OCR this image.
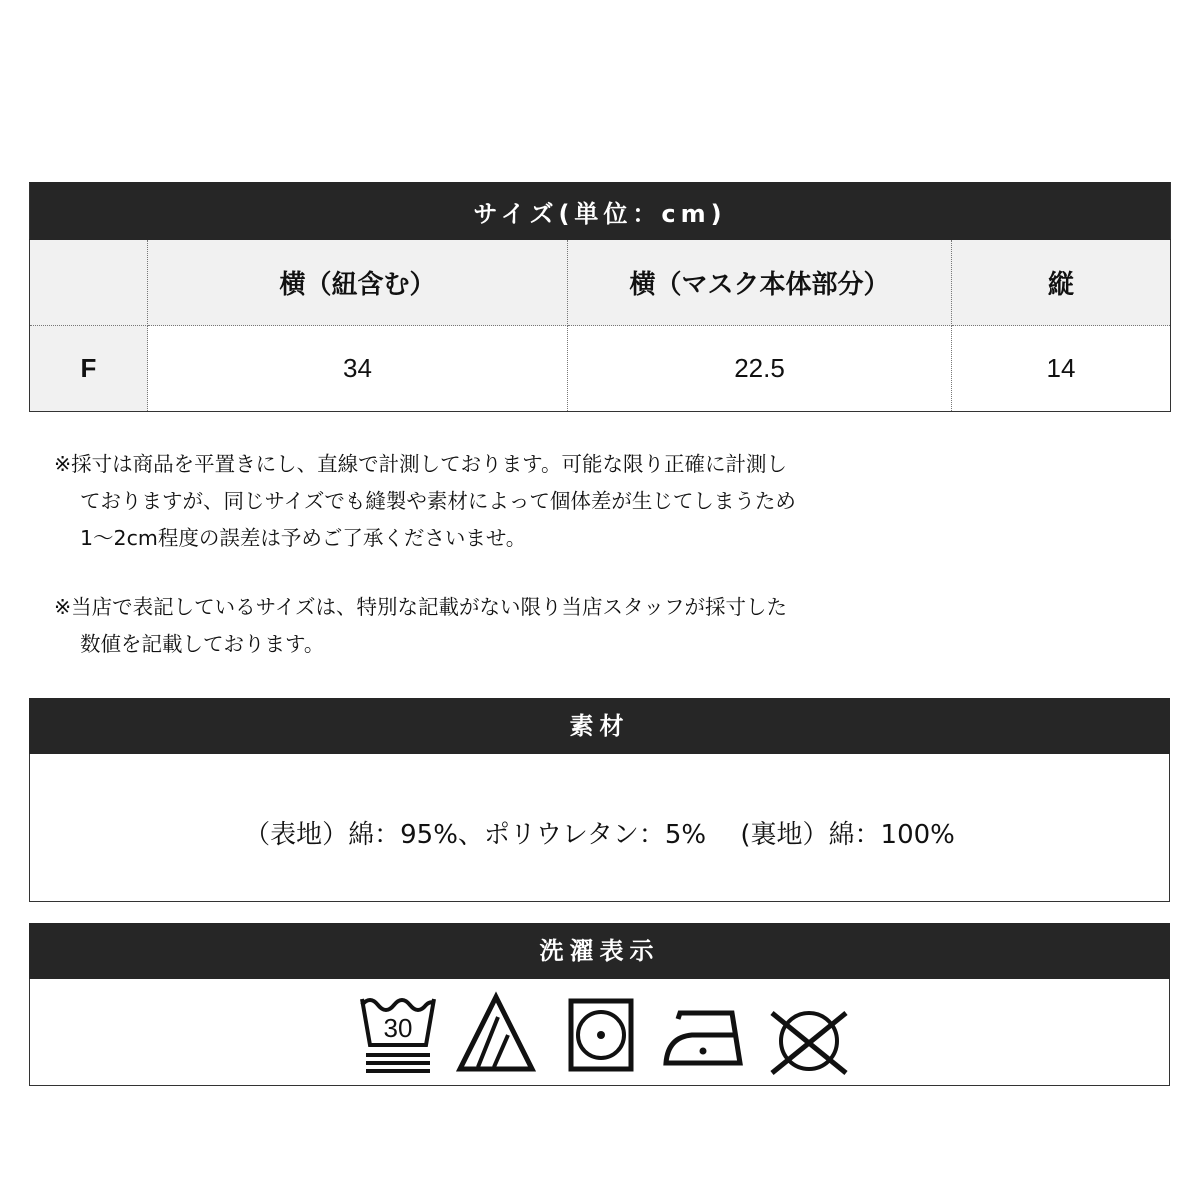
サイズ(単位：cm)			
	横（紐含む）	横（マスク本体部分）	縦
F	34	22.5	14

※採寸は商品を平置きにし、直線で計測しております。可能な限り正確に計測し

ておりますが、同じサイズでも縫製や素材によって個体差が生じてしまうため

1〜2cm程度の誤差は予めご了承くださいませ。

※当店で表記しているサイズは、特別な記載がない限り当店スタッフが採寸した

数値を記載しております。

素材
（表地）綿：95%、ポリウレタン：5%　 (裏地）綿：100%
洗濯表示
30
